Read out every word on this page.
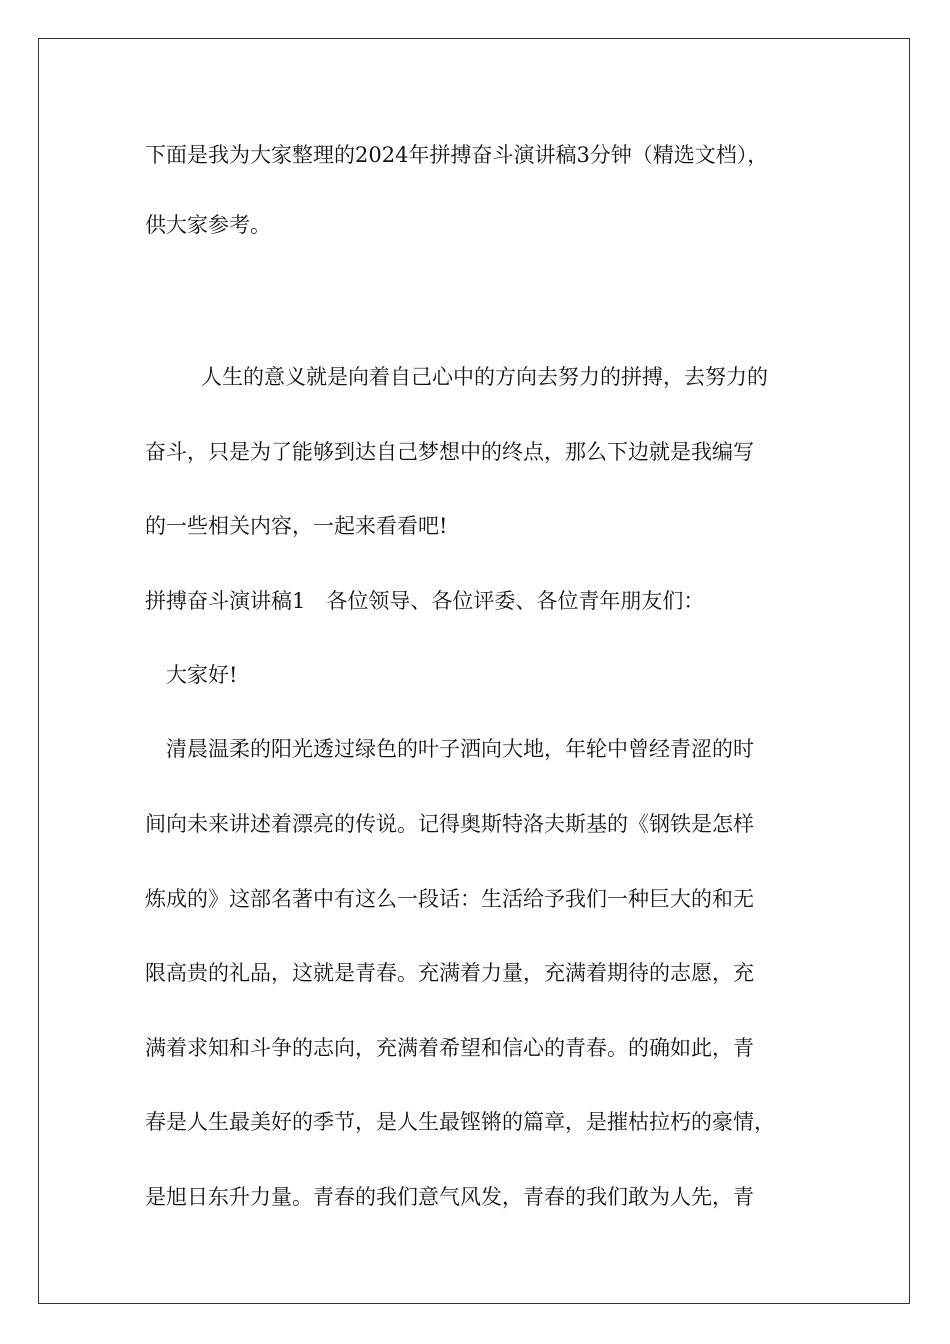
下面是我为大家整理的2024年拼搏奋斗演讲稿3分钟（精选文档），
供大家参考。
人生的意义就是向着自己心中的方向去努力的拼搏，去努力的
奋斗，只是为了能够到达自己梦想中的终点，那么下边就是我编写
的一些相关内容，一起来看看吧!
拼搏奋斗演讲稿1　各位领导、各位评委、各位青年朋友们：
大家好!
清晨温柔的阳光透过绿色的叶子洒向大地，年轮中曾经青涩的时
间向未来讲述着漂亮的传说。记得奥斯特洛夫斯基的《钢铁是怎样
炼成的》这部名著中有这么一段话：生活给予我们一种巨大的和无
限高贵的礼品，这就是青春。充满着力量，充满着期待的志愿，充
满着求知和斗争的志向，充满着希望和信心的青春。的确如此，青
春是人生最美好的季节，是人生最铿锵的篇章，是摧枯拉朽的豪情，
是旭日东升力量。青春的我们意气风发，青春的我们敢为人先，青
